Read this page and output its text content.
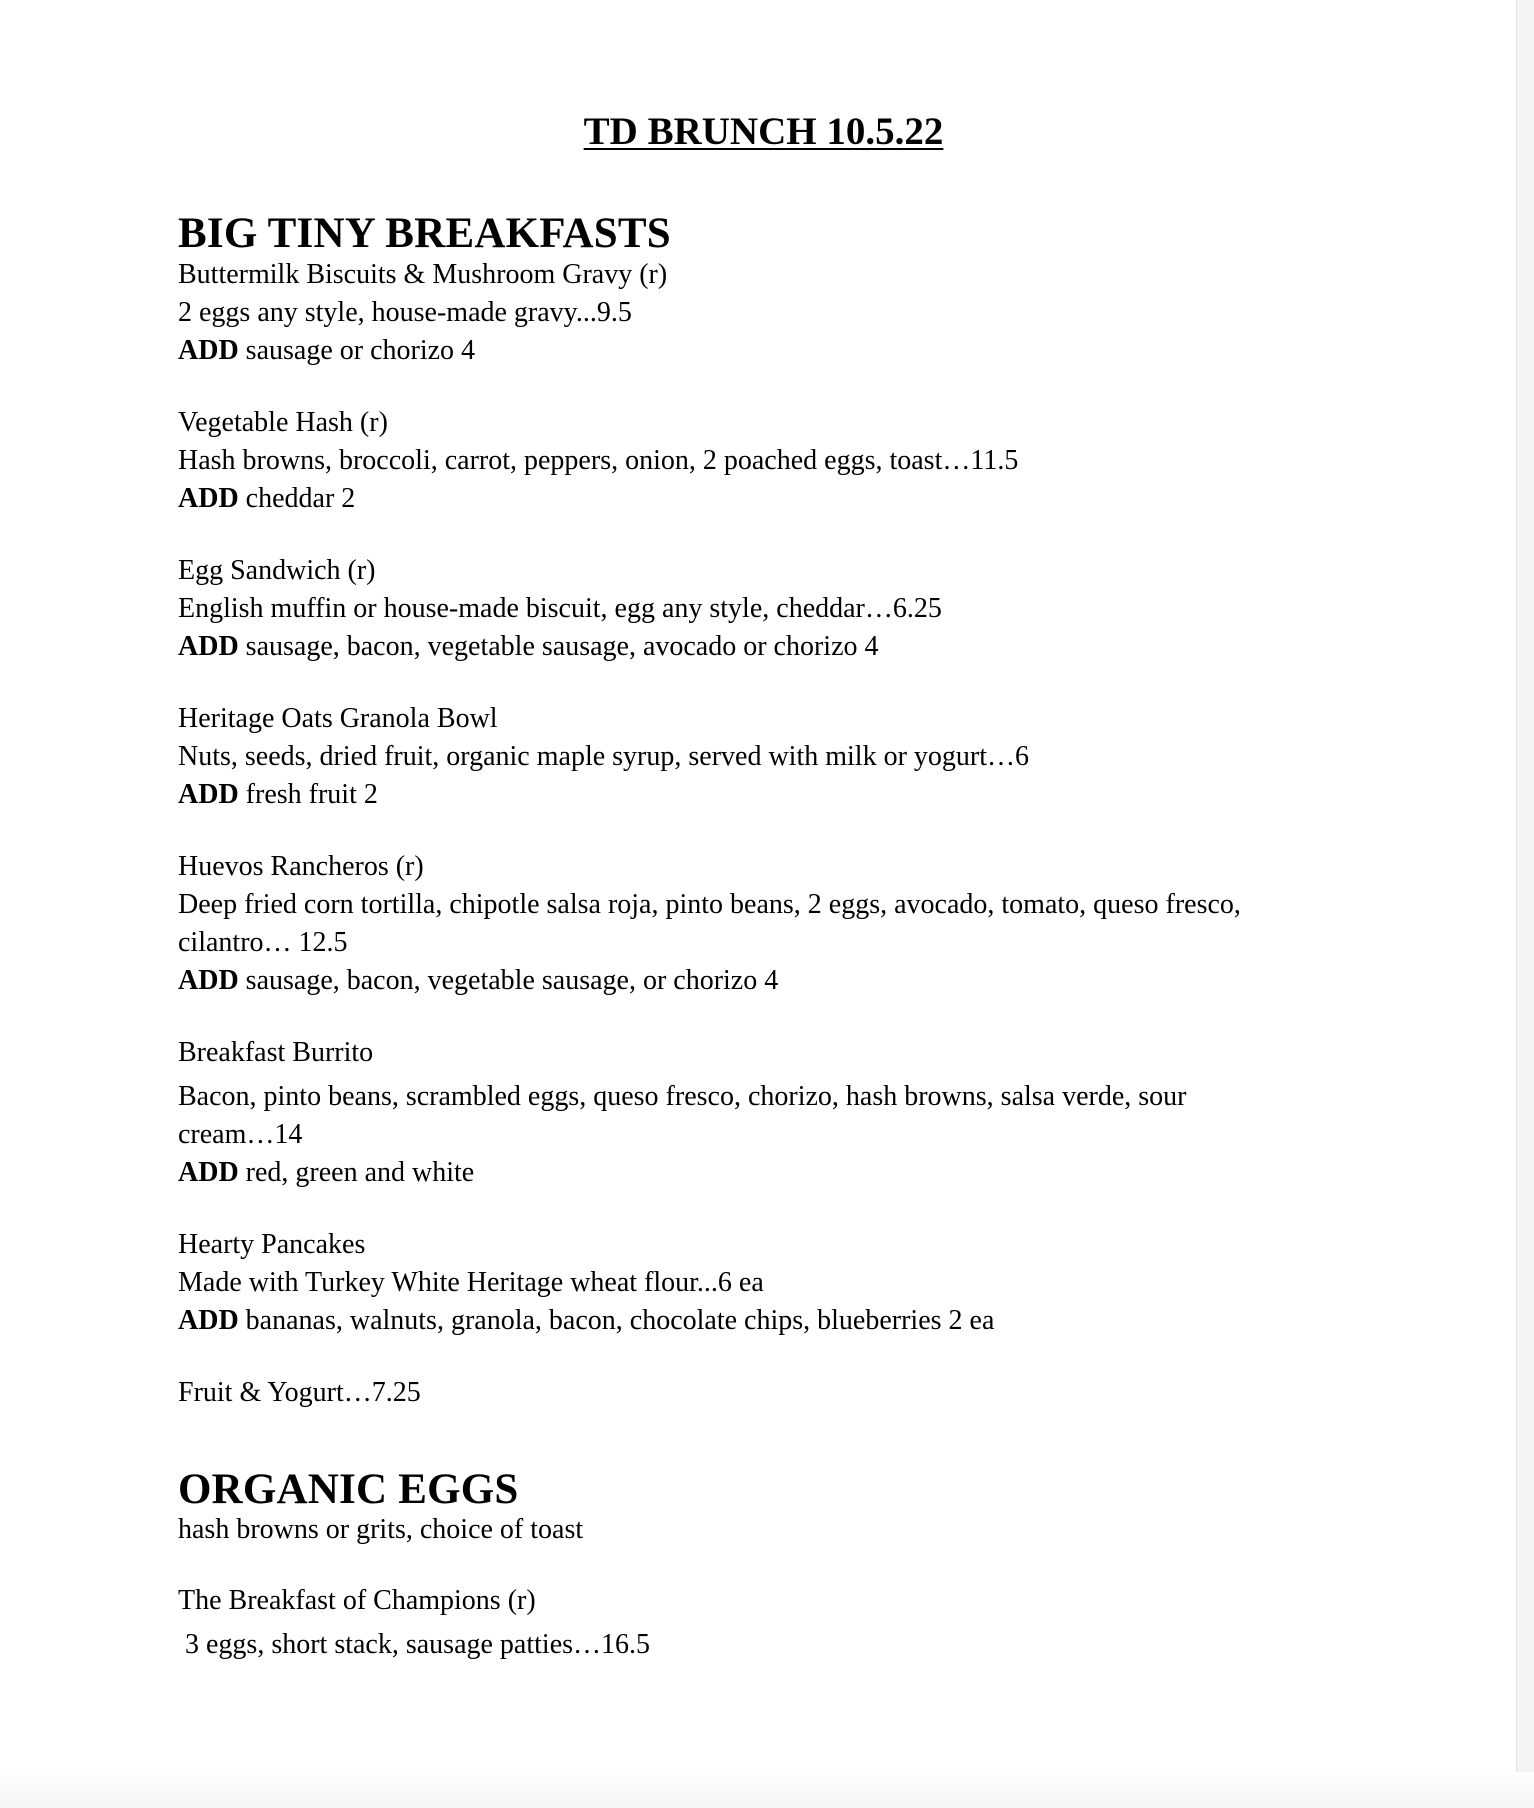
TD BRUNCH 10.5.22
BIG TINY BREAKFASTS
Buttermilk Biscuits & Mushroom Gravy (r)
2 eggs any style, house-made gravy...9.5
ADD sausage or chorizo 4
Vegetable Hash (r)
Hash browns, broccoli, carrot, peppers, onion, 2 poached eggs, toast…11.5
ADD cheddar 2
Egg Sandwich (r)
English muffin or house-made biscuit, egg any style, cheddar…6.25
ADD sausage, bacon, vegetable sausage, avocado or chorizo 4
Heritage Oats Granola Bowl
Nuts, seeds, dried fruit, organic maple syrup, served with milk or yogurt…6
ADD fresh fruit 2
Huevos Rancheros (r)
Deep fried corn tortilla, chipotle salsa roja, pinto beans, 2 eggs, avocado, tomato, queso fresco,
cilantro… 12.5
ADD sausage, bacon, vegetable sausage, or chorizo 4
Breakfast Burrito
Bacon, pinto beans, scrambled eggs, queso fresco, chorizo, hash browns, salsa verde, sour
cream…14
ADD red, green and white
Hearty Pancakes
Made with Turkey White Heritage wheat flour...6 ea
ADD bananas, walnuts, granola, bacon, chocolate chips, blueberries 2 ea
Fruit & Yogurt…7.25
ORGANIC EGGS
hash browns or grits, choice of toast
The Breakfast of Champions (r)
3 eggs, short stack, sausage patties…16.5
